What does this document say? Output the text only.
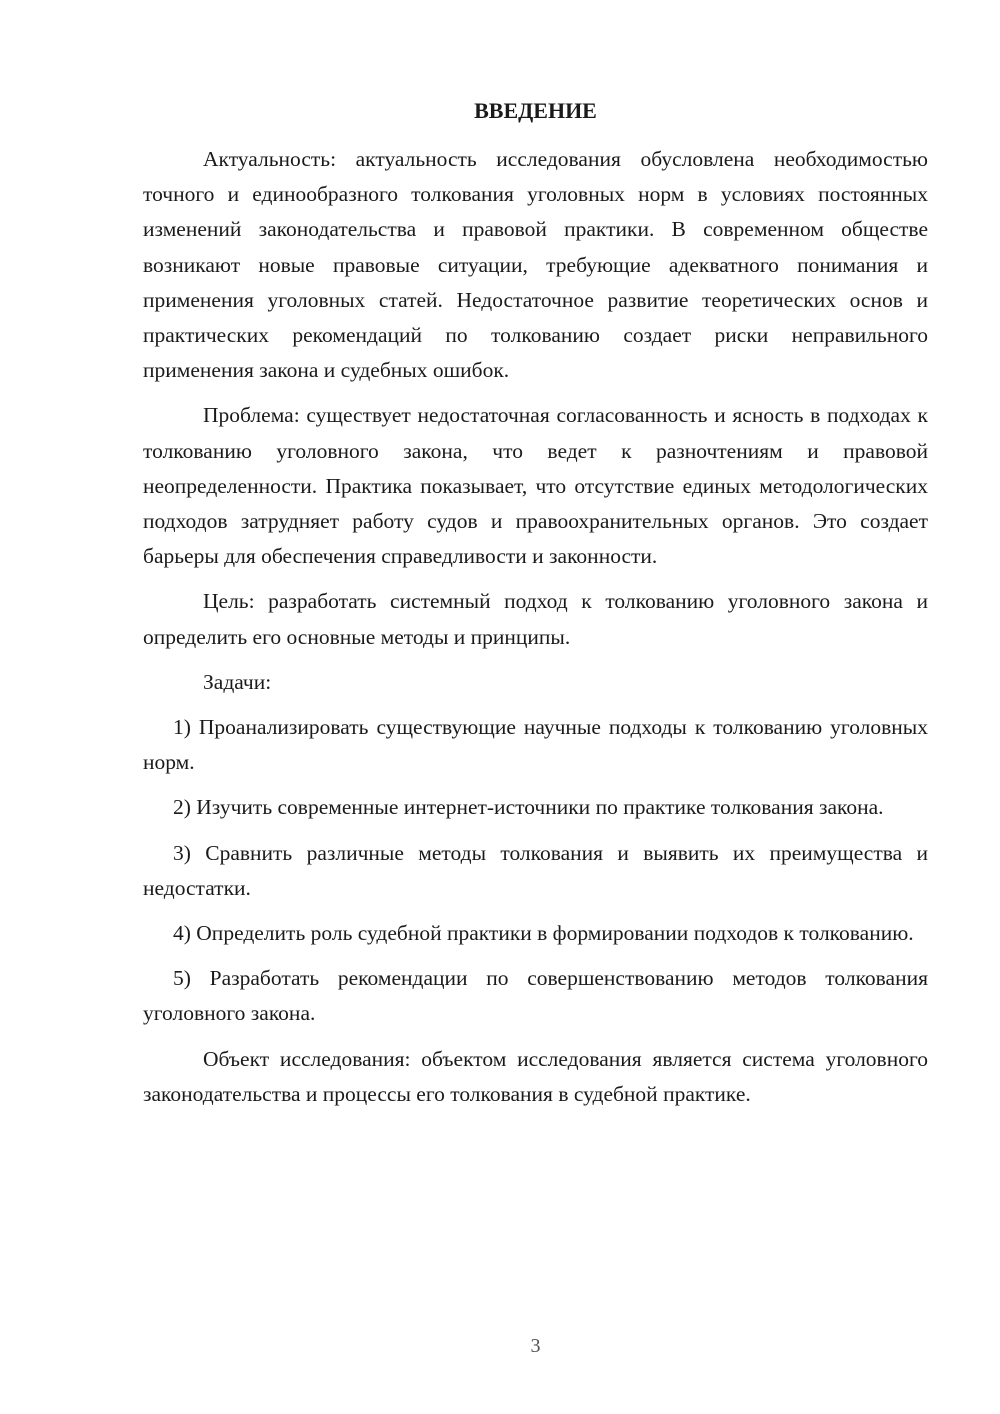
ВВЕДЕНИЕ

Актуальность: актуальность исследования обусловлена необходимостью точного и единообразного толкования уголовных норм в условиях постоянных изменений законодательства и правовой практики. В современном обществе возникают новые правовые ситуации, требующие адекватного понимания и применения уголовных статей. Недостаточное развитие теоретических основ и практических рекомендаций по толкованию создает риски неправильного применения закона и судебных ошибок.

Проблема: существует недостаточная согласованность и ясность в подходах к толкованию уголовного закона, что ведет к разночтениям и правовой неопределенности. Практика показывает, что отсутствие единых методологических подходов затрудняет работу судов и правоохранительных органов. Это создает барьеры для обеспечения справедливости и законности.

Цель: разработать системный подход к толкованию уголовного закона и определить его основные методы и принципы.

Задачи:

1) Проанализировать существующие научные подходы к толкованию уголовных норм.

2) Изучить современные интернет-источники по практике толкования закона.

3) Сравнить различные методы толкования и выявить их преимущества и недостатки.

4) Определить роль судебной практики в формировании подходов к толкованию.

5) Разработать рекомендации по совершенствованию методов толкования уголовного закона.

Объект исследования: объектом исследования является система уголовного законодательства и процессы его толкования в судебной практике.

3
